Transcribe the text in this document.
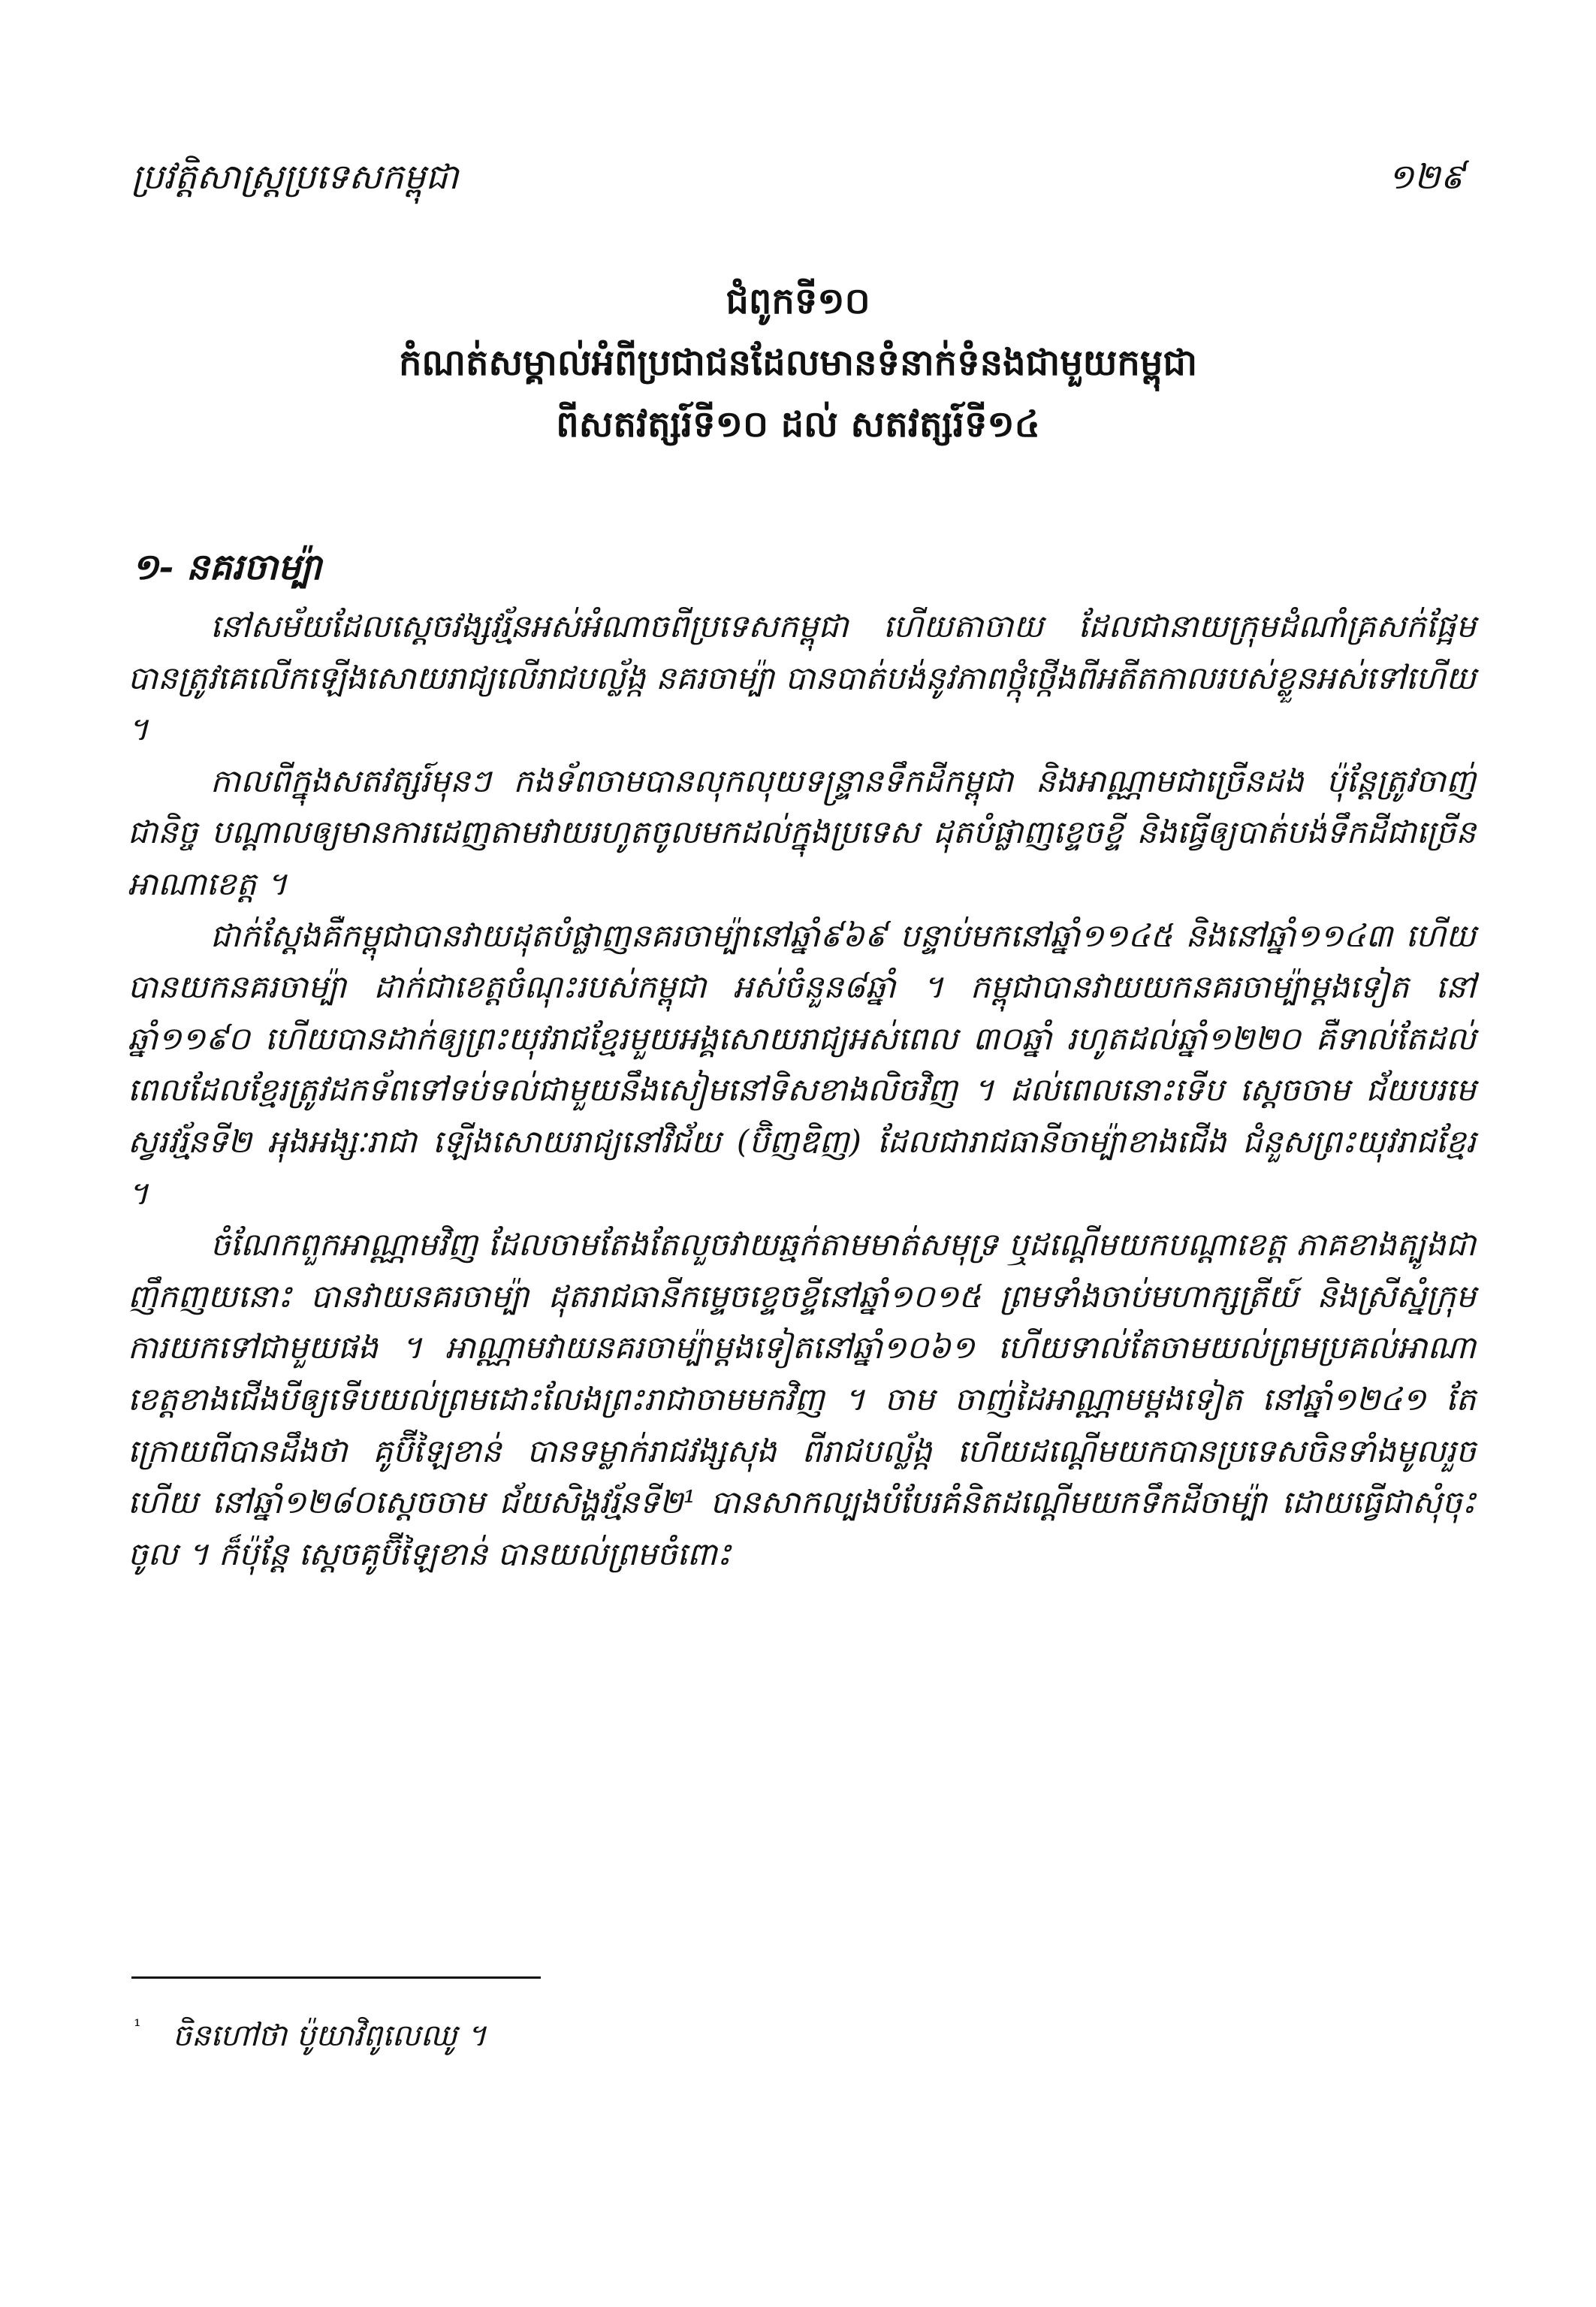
ប្រវត្តិសាស្ត្រប្រទេសកម្ពុជា	១២៩
ជំពូកទី១០
កំណត់សម្គាល់អំពីប្រជាជនដែលមានទំនាក់ទំនងជាមួយកម្ពុជា
ពីសតវត្សរ៍ទី១០ ដល់ សតវត្សរ៍ទី១៤
១- នគរចាម្ប៉ា

នៅសម័យដែលស្ដេចវង្សវរ្ម័នអស់អំណាចពីប្រទេសកម្ពុជា ហើយតាចាយ ដែលជានាយក្រុមដំណាំគ្រសក់ផ្អែម បានត្រូវគេលើកឡើងសោយរាជ្យលើរាជបល្ល័ង្ក នគរចាម្ប៉ា បានបាត់បង់នូវភាពថ្កុំថ្កើងពីអតីតកាលរបស់ខ្លួនអស់ទៅហើយ ។

កាលពីក្នុងសតវត្សរ៍មុនៗ កងទ័ពចាមបានលុកលុយទន្ទ្រានទឹកដីកម្ពុជា និងអាណ្ណាមជាច្រើនដង ប៉ុន្តែត្រូវចាញ់ជានិច្ច បណ្ដាលឲ្យមានការដេញតាមវាយរហូតចូលមកដល់ក្នុងប្រទេស ដុតបំផ្លាញខ្ទេចខ្ទី និងធ្វើឲ្យបាត់បង់ទឹកដីជាច្រើនអាណាខេត្ត ។

ជាក់ស្ដែងគឺកម្ពុជាបានវាយដុតបំផ្លាញនគរចាម្ប៉ានៅឆ្នាំ៩៦៩ បន្ទាប់មកនៅឆ្នាំ១១៤៥ និងនៅឆ្នាំ១១៤៣ ហើយបានយកនគរចាម្ប៉ា ដាក់ជាខេត្តចំណុះរបស់កម្ពុជា អស់ចំនួន៨ឆ្នាំ ។ កម្ពុជាបានវាយយកនគរចាម្ប៉ាម្ដងទៀត នៅឆ្នាំ១១៩០ ហើយបានដាក់ឲ្យព្រះយុវរាជខ្មែរមួយអង្គសោយរាជ្យអស់ពេល ៣០ឆ្នាំ រហូតដល់ឆ្នាំ១២២០ គឺទាល់តែដល់ពេលដែលខ្មែរត្រូវដកទ័ពទៅទប់ទល់ជាមួយនឹងសៀមនៅទិសខាងលិចវិញ ។ ដល់ពេលនោះទើប ស្ដេចចាម ជ័យបរមេស្វរវរ្ម័នទី២ អុងអង្សៈរាជា ឡើងសោយរាជ្យនៅវិជ័យ (ប៊ិញឌិញ) ដែលជារាជធានីចាម្ប៉ាខាងជើង ជំនួសព្រះយុវរាជខ្មែរ ។

ចំណែកពួកអាណ្ណាមវិញ ដែលចាមតែងតែលួចវាយឆ្មក់តាមមាត់សមុទ្រ ឬដណ្ដើមយកបណ្ដាខេត្ត ភាគខាងត្បូងជាញឹកញយនោះ បានវាយនគរចាម្ប៉ា ដុតរាជធានីកម្ទេចខ្ទេចខ្ទីនៅឆ្នាំ១០១៥ ព្រមទាំងចាប់មហាក្សត្រីយ៍ និងស្រីស្នំក្រុមការយកទៅជាមួយផង ។ អាណ្ណាមវាយនគរចាម្ប៉ាម្ដងទៀតនៅឆ្នាំ១០៦១ ហើយទាល់តែចាមយល់ព្រមប្រគល់អាណាខេត្តខាងជើងបីឲ្យទើបយល់ព្រមដោះលែងព្រះរាជាចាមមកវិញ ។ ចាម ចាញ់ដៃអាណ្ណាមម្ដងទៀត នៅឆ្នាំ១២៤១ តែក្រោយពីបានដឹងថា គូប៊ីឡៃខាន់ បានទម្លាក់រាជវង្សសុង ពីរាជបល្ល័ង្ក ហើយដណ្ដើមយកបានប្រទេសចិនទាំងមូលរួចហើយ នៅឆ្នាំ១២៨០ស្ដេចចាម ជ័យសិង្ហវរ្ម័នទី២¹ បានសាកល្បងបំបែរគំនិតដណ្ដើមយកទឹកដីចាម្ប៉ា ដោយធ្វើជាសុំចុះចូល ។ ក៏ប៉ុន្តែ ស្ដេចគូប៊ីឡៃខាន់ បានយល់ព្រមចំពោះ

¹ ចិនហៅថា ប៉ូយាវិពូលេឈូ ។
